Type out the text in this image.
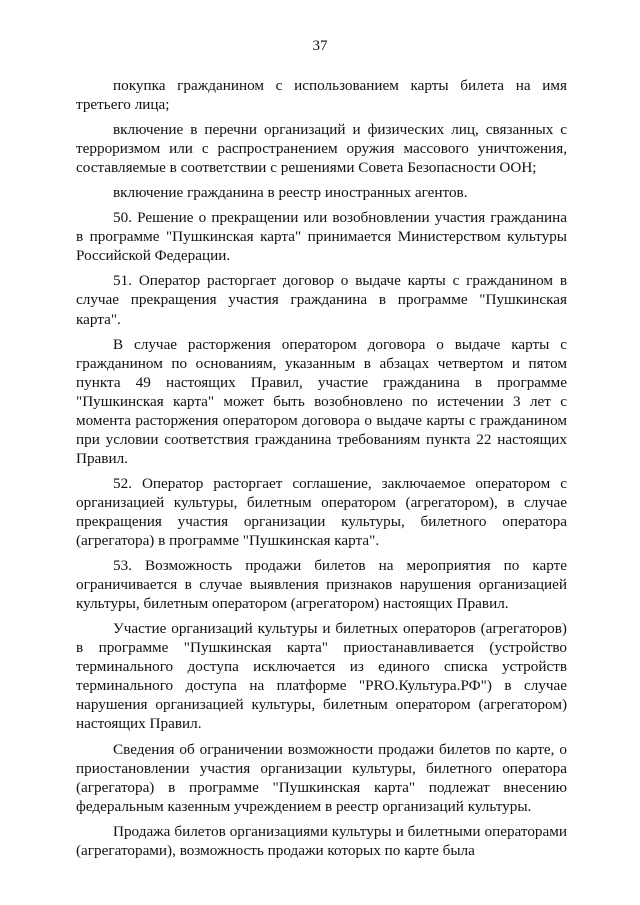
37

покупка гражданином с использованием карты билета на имя третьего лица;

включение в перечни организаций и физических лиц, связанных с терроризмом или с распространением оружия массового уничтожения, составляемые в соответствии с решениями Совета Безопасности ООН;

включение гражданина в реестр иностранных агентов.

50. Решение о прекращении или возобновлении участия гражданина в программе "Пушкинская карта" принимается Министерством культуры Российской Федерации.

51. Оператор расторгает договор о выдаче карты с гражданином в случае прекращения участия гражданина в программе "Пушкинская карта".

В случае расторжения оператором договора о выдаче карты с гражданином по основаниям, указанным в абзацах четвертом и пятом пункта 49 настоящих Правил, участие гражданина в программе "Пушкинская карта" может быть возобновлено по истечении 3 лет с момента расторжения оператором договора о выдаче карты с гражданином при условии соответствия гражданина требованиям пункта 22 настоящих Правил.

52. Оператор расторгает соглашение, заключаемое оператором с организацией культуры, билетным оператором (агрегатором), в случае прекращения участия организации культуры, билетного оператора (агрегатора) в программе "Пушкинская карта".

53. Возможность продажи билетов на мероприятия по карте ограничивается в случае выявления признаков нарушения организацией культуры, билетным оператором (агрегатором) настоящих Правил.

Участие организаций культуры и билетных операторов (агрегаторов) в программе "Пушкинская карта" приостанавливается (устройство терминального доступа исключается из единого списка устройств терминального доступа на платформе "PRO.Культура.РФ") в случае нарушения организацией культуры, билетным оператором (агрегатором) настоящих Правил.

Сведения об ограничении возможности продажи билетов по карте, о приостановлении участия организации культуры, билетного оператора (агрегатора) в программе "Пушкинская карта" подлежат внесению федеральным казенным учреждением в реестр организаций культуры.

Продажа билетов организациями культуры и билетными операторами (агрегаторами), возможность продажи которых по карте была
